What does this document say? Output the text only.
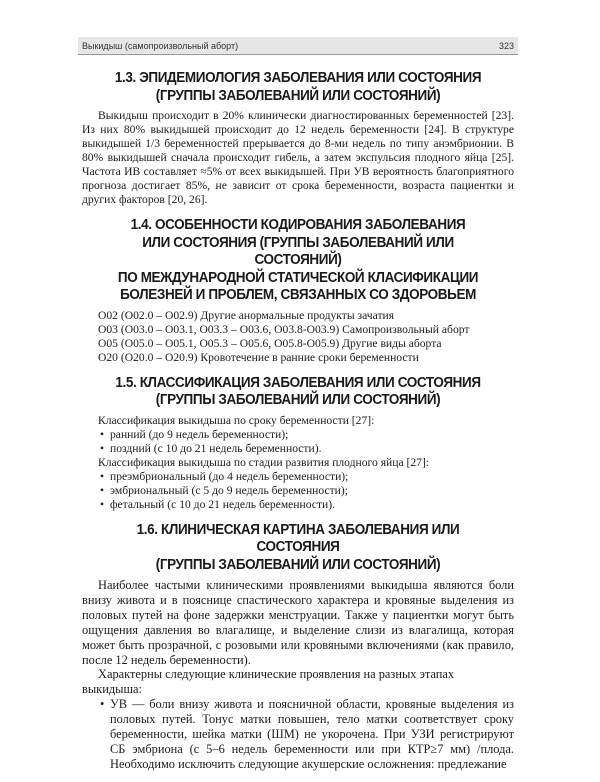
Выкидыш (самопроизвольный аборт)	323
1.3. ЭПИДЕМИОЛОГИЯ ЗАБОЛЕВАНИЯ ИЛИ СОСТОЯНИЯ
(ГРУППЫ ЗАБОЛЕВАНИЙ ИЛИ СОСТОЯНИЙ)

Выкидыш происходит в 20% клинически диагностированных беременностей [23]. Из них 80% выкидышей происходит до 12 недель беременности [24]. В структуре выкидышей 1/3 беременностей прерывается до 8-ми недель по типу анэмбрионии. В 80% выкидышей сначала происходит гибель, а затем экспульсия плодного яйца [25]. Частота ИВ составляет ≈5% от всех выкидышей. При УВ вероятность благоприятного прогноза достигает 85%, не зависит от срока беременности, возраста пациентки и других факторов [20, 26].

1.4. ОСОБЕННОСТИ КОДИРОВАНИЯ ЗАБОЛЕВАНИЯ
ИЛИ СОСТОЯНИЯ (ГРУППЫ ЗАБОЛЕВАНИЙ ИЛИ СОСТОЯНИЙ)
ПО МЕЖДУНАРОДНОЙ СТАТИЧЕСКОЙ КЛАСИФИКАЦИИ
БОЛЕЗНЕЙ И ПРОБЛЕМ, СВЯЗАННЫХ СО ЗДОРОВЬЕМ
O02 (O02.0 – O02.9) Другие анормальные продукты зачатия
O03 (O03.0 – O03.1, O03.3 – O03.6, O03.8-O03.9) Самопроизвольный аборт
O05 (O05.0 – O05.1, O05.3 – O05.6, O05.8-O05.9) Другие виды аборта
O20 (O20.0 – O20.9) Кровотечение в ранние сроки беременности
1.5. КЛАССИФИКАЦИЯ ЗАБОЛЕВАНИЯ ИЛИ СОСТОЯНИЯ
(ГРУППЫ ЗАБОЛЕВАНИЙ ИЛИ СОСТОЯНИЙ)
Классификация выкидыша по сроку беременности [27]:
• ранний (до 9 недель беременности);
• поздний (с 10 до 21 недель беременности).
Классификация выкидыша по стадии развития плодного яйца [27]:
• преэмбриональный (до 4 недель беременности);
• эмбриональный (с 5 до 9 недель беременности);
• фетальный (с 10 до 21 недель беременности).
1.6. КЛИНИЧЕСКАЯ КАРТИНА ЗАБОЛЕВАНИЯ ИЛИ СОСТОЯНИЯ
(ГРУППЫ ЗАБОЛЕВАНИЙ ИЛИ СОСТОЯНИЙ)

Наиболее частыми клиническими проявлениями выкидыша являются боли внизу живота и в пояснице спастического характера и кровяные выделения из половых путей на фоне задержки менструации. Также у пациентки могут быть ощущения давления во влагалище, и выделение слизи из влагалища, которая может быть прозрачной, с розовыми или кровяными включениями (как правило, после 12 недель беременности).

Характерны следующие клинические проявления на разных этапах выкидыша:

• УВ — боли внизу живота и поясничной области, кровяные выделения из половых путей. Тонус матки повышен, тело матки соответствует сроку беременности, шейка матки (ШМ) не укорочена. При УЗИ регистрируют СБ эмбриона (с 5–6 недель беременности или при КТР≥7 мм) /плода. Необходимо исключить следующие акушерские осложнения: предлежание
